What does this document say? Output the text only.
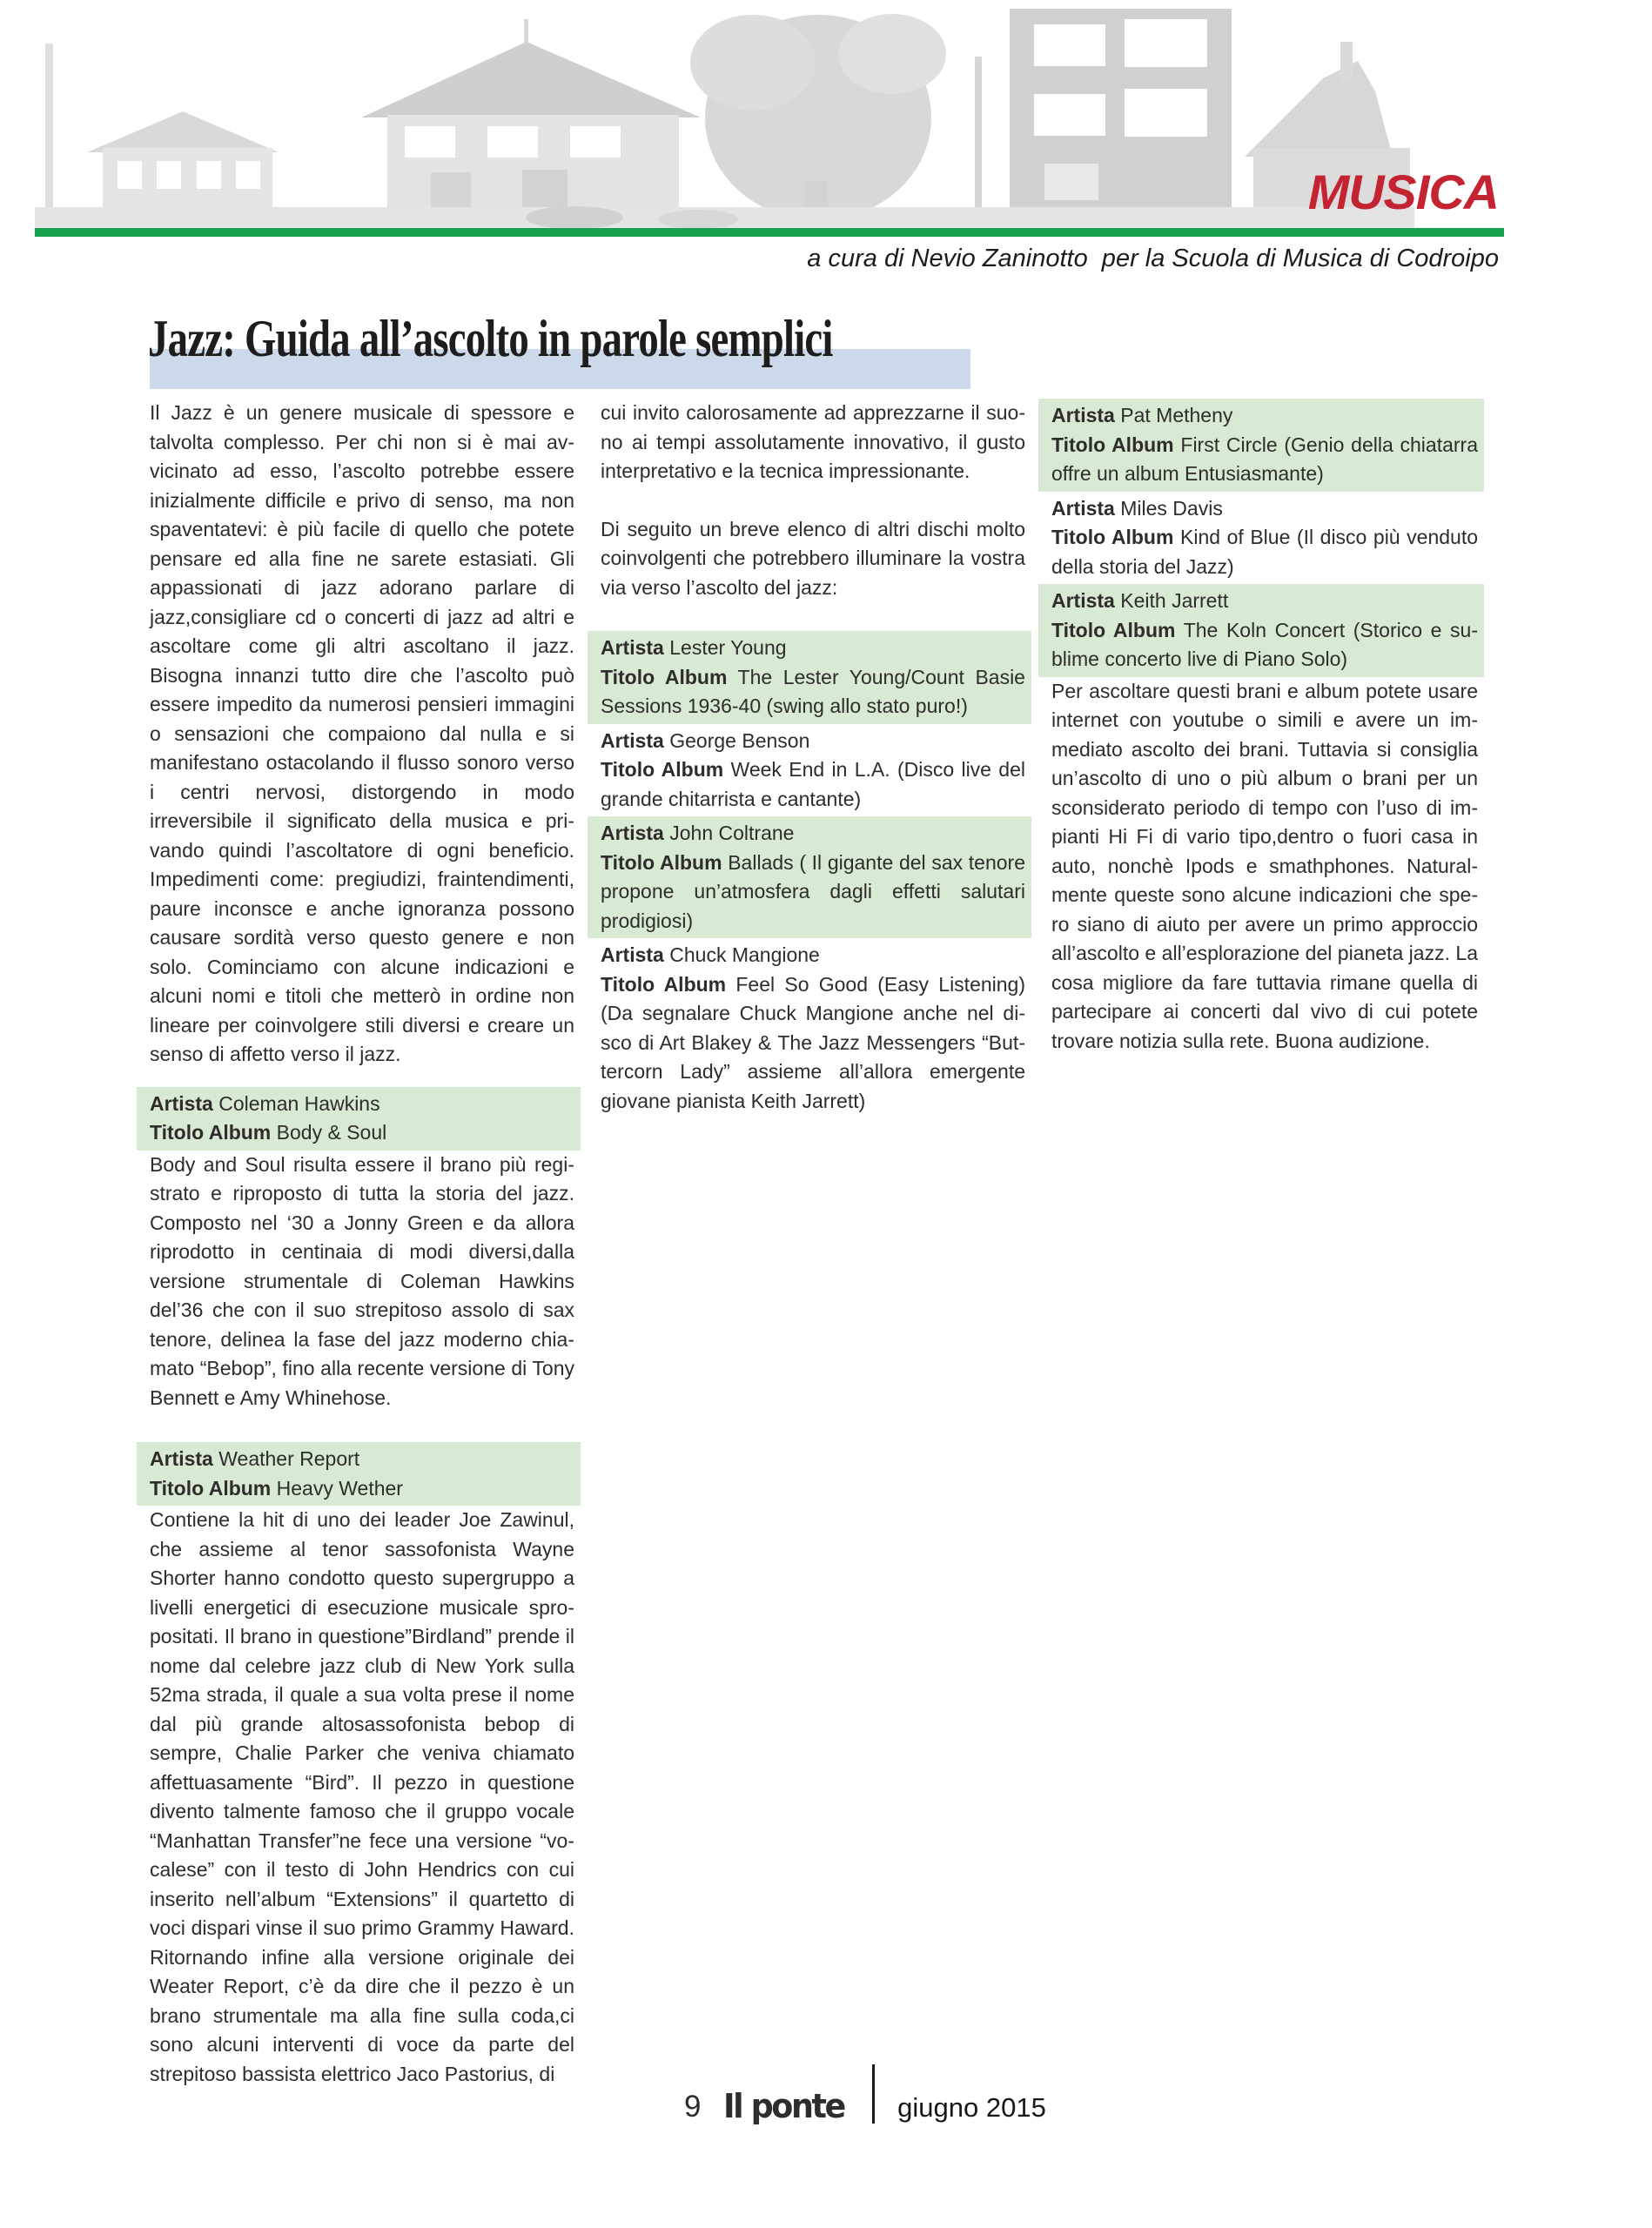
MUSICA
a cura di Nevio Zaninotto  per la Scuola di Musica di Codroipo
Jazz: Guida all’ascolto in parole semplici

Il Jazz è un genere musicale di spessore e talvolta complesso. Per chi non si è mai avvicinato ad esso, l’ascolto potrebbe essere inizialmente difficile e privo di senso, ma non spaventatevi: è più facile di quello che potete pensare ed alla fine ne sarete estasiati. Gli appassionati di jazz adorano parlare di jazz,consigliare cd o concerti di jazz ad altri e ascoltare come gli altri ascoltano il jazz. Bisogna innanzi tutto dire che l’ascolto può essere impedito da numerosi pensieri immagini o sensazioni che compaiono dal nulla e si manifestano ostacolando il flusso sonoro verso i centri nervosi, distorgendo in modo irreversibile il significato della musica e privando quindi l’ascoltatore di ogni beneficio. Impedimenti come: pregiudizi, fraintendimenti, paure inconsce e anche ignoranza possono causare sordità verso questo genere e non solo. Cominciamo con alcune indicazioni e alcuni nomi e titoli che metterò in ordine non lineare per coinvolgere stili diversi e creare un senso di affetto verso il jazz.

Artista Coleman Hawkins
Titolo Album Body & Soul

Body and Soul risulta essere il brano più registrato e riproposto di tutta la storia del jazz. Composto nel ‘30 a Jonny Green e da allora riprodotto in centinaia di modi diversi,dalla versione strumentale di Coleman Hawkins del’36 che con il suo strepitoso assolo di sax tenore, delinea la fase del jazz moderno chiamato “Bebop”, fino alla recente versione di Tony Bennett e Amy Whinehose.

Artista Weather Report
Titolo Album Heavy Wether

Contiene la hit di uno dei leader Joe Zawinul, che assieme al tenor sassofonista Wayne Shorter hanno condotto questo supergruppo a livelli energetici di esecuzione musicale spropositati. Il brano in questione”Birdland” prende il nome dal celebre jazz club di New York sulla 52ma strada, il quale a sua volta prese il nome dal più grande altosassofonista bebop di sempre, Chalie Parker che veniva chiamato affettuasamente “Bird”. Il pezzo in questione divento talmente famoso che il gruppo vocale “Manhattan Transfer”ne fece una versione “vocalese” con il testo di John Hendrics con cui inserito nell’album “Extensions” il quartetto di voci dispari vinse il suo primo Grammy Haward. Ritornando infine alla versione originale dei Weater Report, c’è da dire che il pezzo è un brano strumentale ma alla fine sulla coda,ci sono alcuni interventi di voce da parte del strepitoso bassista elettrico Jaco Pastorius, di

cui invito calorosamente ad apprezzarne il suono ai tempi assolutamente innovativo, il gusto interpretativo e la tecnica impressionante.

Di seguito un breve elenco di altri dischi molto coinvolgenti che potrebbero illuminare la vostra via verso l’ascolto del jazz:

Artista Lester Young
Titolo Album The Lester Young/Count Basie Sessions 1936-40 (swing allo stato puro!)
Artista George Benson
Titolo Album Week End in L.A. (Disco live del grande chitarrista e cantante)
Artista John Coltrane
Titolo Album Ballads ( Il gigante del sax tenore propone un’atmosfera dagli effetti salutari prodigiosi)
Artista Chuck Mangione
Titolo Album Feel So Good (Easy Listening) (Da segnalare Chuck Mangione anche nel disco di Art Blakey & The Jazz Messengers “Buttercorn Lady” assieme all’allora emergente giovane pianista Keith Jarrett)
Artista Pat Metheny
Titolo Album First Circle (Genio della chiatarra offre un album Entusiasmante)
Artista Miles Davis
Titolo Album Kind of Blue (Il disco più venduto della storia del Jazz)
Artista Keith Jarrett
Titolo Album The Koln Concert (Storico e sublime concerto live di Piano Solo)

Per ascoltare questi brani e album potete usare internet con youtube o simili e avere un immediato ascolto dei brani. Tuttavia si consiglia un’ascolto di uno o più album o brani per un sconsiderato periodo di tempo con l’uso di impianti Hi Fi di vario tipo,dentro o fuori casa in auto, nonchè Ipods e smathphones. Naturalmente queste sono alcune indicazioni che spero siano di aiuto per avere un primo approccio all’ascolto e all’esplorazione del pianeta jazz. La cosa migliore da fare tuttavia rimane quella di partecipare ai concerti dal vivo di cui potete trovare notizia sulla rete. Buona audizione.

9 Il ponte giugno 2015
